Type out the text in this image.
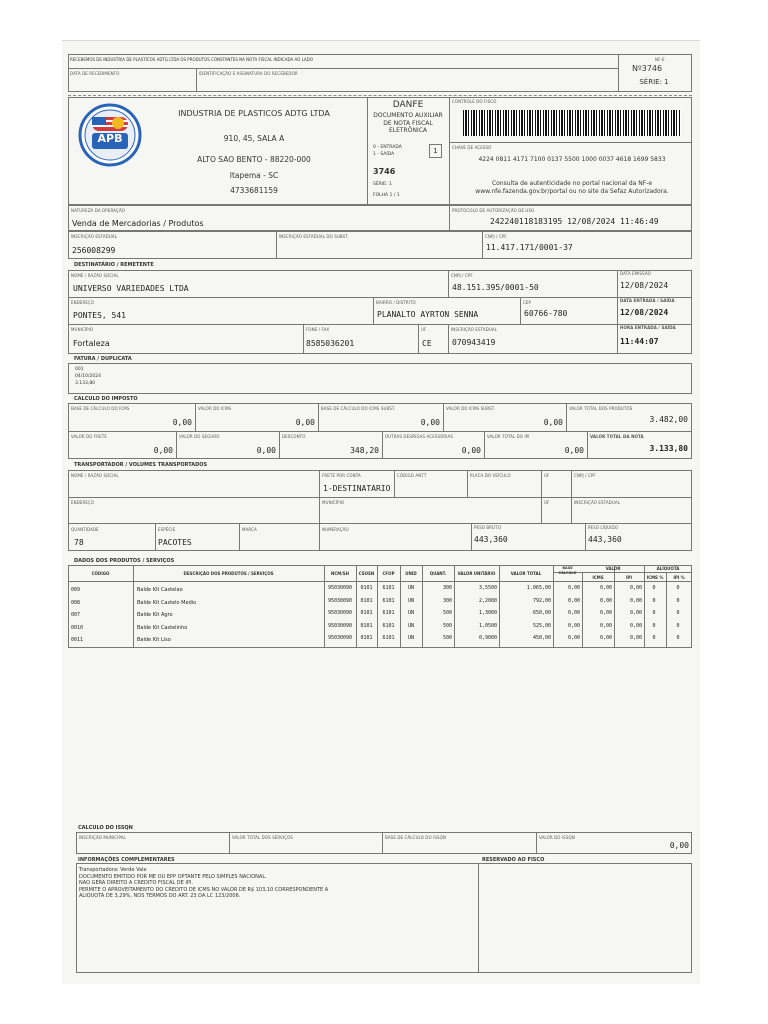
RECEBEMOS DE INDUSTRIA DE PLASTICOS ADTG LTDA OS PRODUTOS CONSTANTES NA NOTA FISCAL INDICADA AO LADO
DATA DE RECEBIMENTO	IDENTIFICAÇÃO E ASSINATURA DO RECEBEDOR
NF-E
Nº3746
SÉRIE: 1
APB
INDUSTRIA DE PLASTICOS ADTG LTDA
910, 45, SALA A
ALTO SAO BENTO - 88220-000
Itapema - SC
4733681159
DANFE
DOCUMENTO AUXILIAR DE NOTA FISCAL ELETRÔNICA
0 - ENTRADA
1 - SAÍDA	1
3746
SÉRIE: 1
FOLHA 1 / 1
CONTROLE DO FISCO
CHAVE DE ACESSO
4224 0811 4171 7100 0137 5500 1000 0037 4618 1699 5833
Consulta de autenticidade no portal nacional da NF-e
www.nfe.fazenda.gov.br/portal ou no site da Sefaz Autorizadora.
NATUREZA DA OPERAÇÃO
Venda de Mercadorias / Produtos
PROTOCOLO DE AUTORIZAÇÃO DE USO
242240118183195 12/08/2024 11:46:49
INSCRIÇÃO ESTADUAL
256008299
INSCRIÇÃO ESTADUAL DO SUBST.	CNPJ / CPF
11.417.171/0001-37
DESTINATÁRIO / REMETENTE
NOME / RAZÃO SOCIAL
UNIVERSO VARIEDADES LTDA
CNPJ / CPF
48.151.395/0001-50
DATA EMISSÃO
12/08/2024
ENDEREÇO
PONTES, 541
BAIRRO / DISTRITO
PLANALTO AYRTON SENNA
CEP
60766-780
DATA ENTRADA / SAÍDA
12/08/2024
MUNICÍPIO
Fortaleza
FONE / FAX
8585036201
UF
CE
INSCRIÇÃO ESTADUAL
070943419
HORA ENTRADA / SAÍDA
11:44:07
FATURA / DUPLICATA
001
04/10/2024
3.133,80
CALCULO DO IMPOSTO
BASE DE CÁLCULO DO ICMS
0,00
VALOR DO ICMS
0,00
BASE DE CÁLCULO DO ICMS SUBST.
0,00
VALOR DO ICMS SUBST.
0,00
VALOR TOTAL DOS PRODUTOS
3.482,00
VALOR DO FRETE
0,00
VALOR DO SEGURO
0,00
DESCONTO
348,20
OUTRAS DESPESAS ACESSÓRIAS
0,00
VALOR TOTAL DO IPI
0,00
VALOR TOTAL DA NOTA
3.133,80
TRANSPORTADOR / VOLUMES TRANSPORTADOS
NOME / RAZÃO SOCIAL	FRETE POR CONTA
1-DESTINATARIO
CÓDIGO ANTT	PLACA DO VEÍCULO	UF	CNPJ / CPF
ENDEREÇO	MUNICÍPIO	UF	INSCRIÇÃO ESTADUAL
QUANTIDADE
78
ESPÉCIE
PACOTES
MARCA	NUMERAÇÃO	PESO BRUTO
443,360
PESO LÍQUIDO
443,360
DADOS DOS PRODUTOS / SERVIÇOS
CÓDIGO	DESCRIÇÃO DOS PRODUTOS / SERVIÇOS	NCM/SH	CSOSN	CFOP	UNID	QUANT.	VALOR UNITÁRIO	VALOR TOTAL
BASE CÁLCULO
VALOR
ICMS	IPI
ALÍQUOTA
ICMS %	IPI %
009	Balde Kit Castelao	95030090	0101	6101	UN	300	3,5500	1.065,00	0,00	0,00	0,00	0	0
008	Balde Kit Castelo Medio	95030090	0101	6101	UN	300	2,2000	792,00	0,00	0,00	0,00	0	0
007	Balde Kit Agro	95030090	0101	6101	UN	500	1,3000	650,00	0,00	0,00	0,00	0	0
0010	Balde Kit Castelinho	95030090	0101	6101	UN	500	1,0500	525,00	0,00	0,00	0,00	0	0
0011	Balde Kit Liso	95030090	0101	6101	UN	500	0,9000	450,00	0,00	0,00	0,00	0	0
CALCULO DO ISSQN
INSCRIÇÃO MUNICIPAL	VALOR TOTAL DOS SERVIÇOS	BASE DE CÁLCULO DO ISSQN	VALOR DO ISSQN
0,00
INFORMAÇÕES COMPLEMENTARES	RESERVADO AO FISCO
Transportadora: Verde Vale
DOCUMENTO EMITIDO POR ME OU EPP OPTANTE PELO SIMPLES NACIONAL.
NAO GERA DIREITO A CREDITO FISCAL DE IPI.
PERMITE O APROVEITAMENTO DO CREDITO DE ICMS NO VALOR DE R$ 103,10 CORRESPONDENTE A
ALIQUOTA DE 3,29%, NOS TERMOS DO ART. 23 DA LC 123/2006.
